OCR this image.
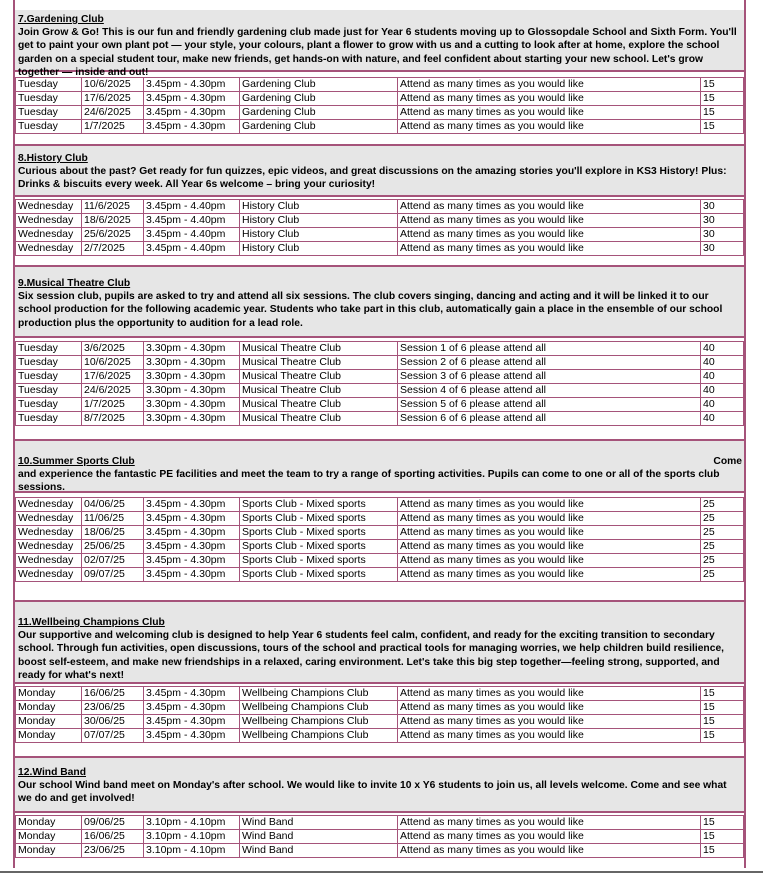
7.Gardening Club
Join Grow & Go! This is our fun and friendly gardening club made just for Year 6 students moving up to Glossopdale School and Sixth Form. You'll get to paint your own plant pot — your style, your colours, plant a flower to grow with us and a cutting to look after at home, explore the school garden on a special student tour, make new friends, get hands-on with nature, and feel confident about starting your new school. Let's grow together — inside and out!
Tuesday	10/6/2025	3.45pm - 4.30pm	Gardening Club	Attend as many times as you would like	15
Tuesday	17/6/2025	3.45pm - 4.30pm	Gardening Club	Attend as many times as you would like	15
Tuesday	24/6/2025	3.45pm - 4.30pm	Gardening Club	Attend as many times as you would like	15
Tuesday	1/7/2025	3.45pm - 4.30pm	Gardening Club	Attend as many times as you would like	15
8.History Club
Curious about the past? Get ready for fun quizzes, epic videos, and great discussions on the amazing stories you'll explore in KS3 History! Plus: Drinks & biscuits every week. All Year 6s welcome – bring your curiosity!
Wednesday	11/6/2025	3.45pm - 4.40pm	History Club	Attend as many times as you would like	30
Wednesday	18/6/2025	3.45pm - 4.40pm	History Club	Attend as many times as you would like	30
Wednesday	25/6/2025	3.45pm - 4.40pm	History Club	Attend as many times as you would like	30
Wednesday	2/7/2025	3.45pm - 4.40pm	History Club	Attend as many times as you would like	30
9.Musical Theatre Club
Six session club, pupils are asked to try and attend all six sessions. The club covers singing, dancing and acting and it will be linked it to our school production for the following academic year. Students who take part in this club, automatically gain a place in the ensemble of our school production plus the opportunity to audition for a lead role.
Tuesday	3/6/2025	3.30pm - 4.30pm	Musical Theatre Club	Session 1 of 6 please attend all	40
Tuesday	10/6/2025	3.30pm - 4.30pm	Musical Theatre Club	Session 2 of 6 please attend all	40
Tuesday	17/6/2025	3.30pm - 4.30pm	Musical Theatre Club	Session 3 of 6 please attend all	40
Tuesday	24/6/2025	3.30pm - 4.30pm	Musical Theatre Club	Session 4 of 6 please attend all	40
Tuesday	1/7/2025	3.30pm - 4.30pm	Musical Theatre Club	Session 5 of 6 please attend all	40
Tuesday	8/7/2025	3.30pm - 4.30pm	Musical Theatre Club	Session 6 of 6 please attend all	40
10.Summer Sports Club	Come
and experience the fantastic PE facilities and meet the team to try a range of sporting activities. Pupils can come to one or all of the sports club sessions.
Wednesday	04/06/25	3.45pm - 4.30pm	Sports Club - Mixed sports	Attend as many times as you would like	25
Wednesday	11/06/25	3.45pm - 4.30pm	Sports Club - Mixed sports	Attend as many times as you would like	25
Wednesday	18/06/25	3.45pm - 4.30pm	Sports Club - Mixed sports	Attend as many times as you would like	25
Wednesday	25/06/25	3.45pm - 4.30pm	Sports Club - Mixed sports	Attend as many times as you would like	25
Wednesday	02/07/25	3.45pm - 4.30pm	Sports Club - Mixed sports	Attend as many times as you would like	25
Wednesday	09/07/25	3.45pm - 4.30pm	Sports Club - Mixed sports	Attend as many times as you would like	25
11.Wellbeing Champions Club
Our supportive and welcoming club is designed to help Year 6 students feel calm, confident, and ready for the exciting transition to secondary school. Through fun activities, open discussions, tours of the school and practical tools for managing worries, we help children build resilience, boost self-esteem, and make new friendships in a relaxed, caring environment. Let's take this big step together—feeling strong, supported, and ready for what's next!
Monday	16/06/25	3.45pm - 4.30pm	Wellbeing Champions Club	Attend as many times as you would like	15
Monday	23/06/25	3.45pm - 4.30pm	Wellbeing Champions Club	Attend as many times as you would like	15
Monday	30/06/25	3.45pm - 4.30pm	Wellbeing Champions Club	Attend as many times as you would like	15
Monday	07/07/25	3.45pm - 4.30pm	Wellbeing Champions Club	Attend as many times as you would like	15
12.Wind Band
Our school Wind band meet on Monday's after school. We would like to invite 10 x Y6 students to join us, all levels welcome. Come and see what we do and get involved!
Monday	09/06/25	3.10pm - 4.10pm	Wind Band	Attend as many times as you would like	15
Monday	16/06/25	3.10pm - 4.10pm	Wind Band	Attend as many times as you would like	15
Monday	23/06/25	3.10pm - 4.10pm	Wind Band	Attend as many times as you would like	15
